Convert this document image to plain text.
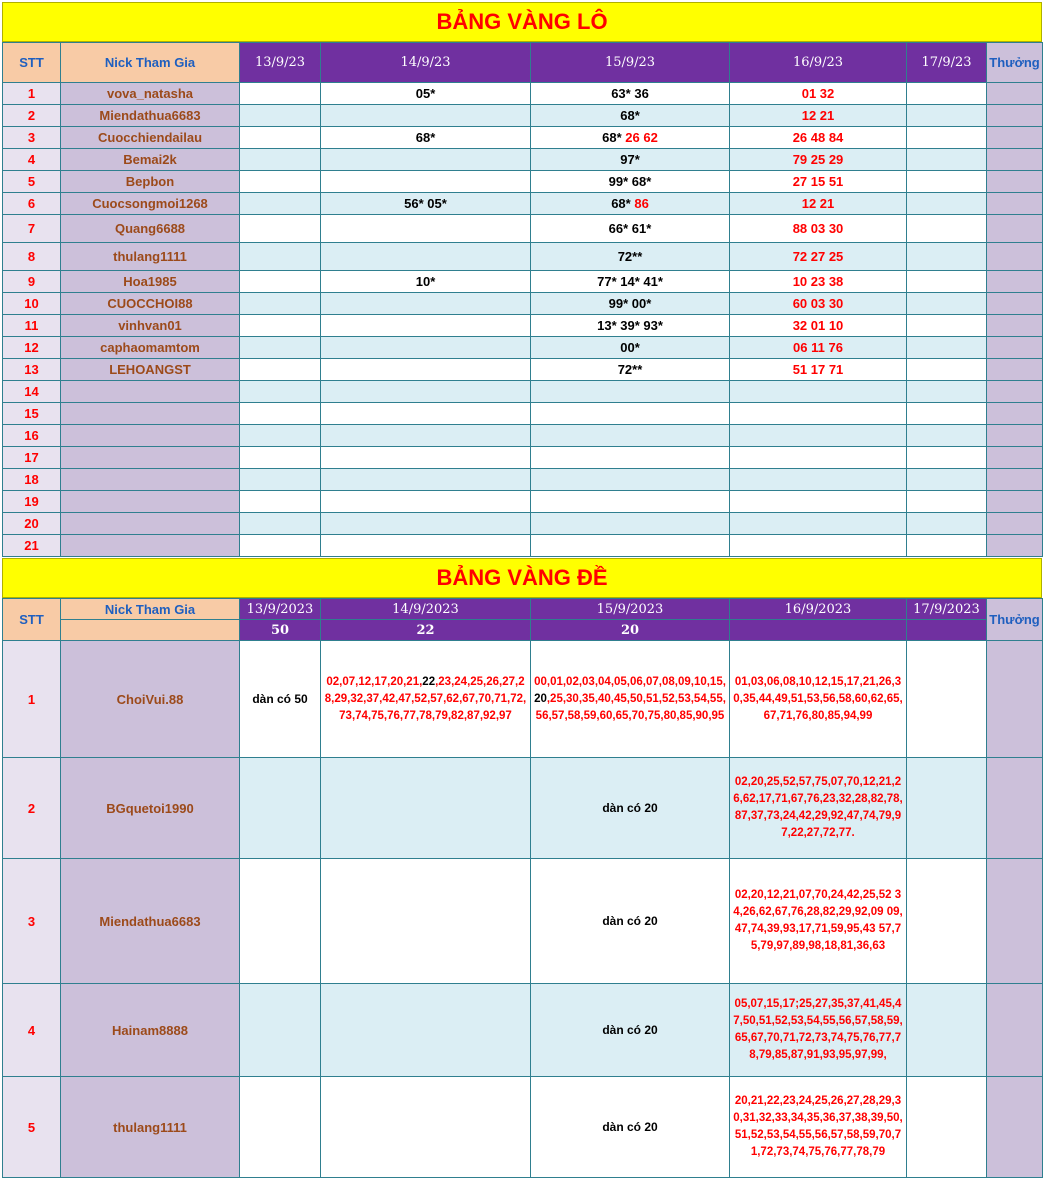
BẢNG VÀNG LÔ
STT	Nick Tham Gia	13/9/23	14/9/23	15/9/23	16/9/23	17/9/23	Thưởng
1	vova_natasha		05*	63* 36	01 32		
2	Miendathua6683			68*	12 21		
3	Cuocchiendailau		68*	68* 26 62	26 48 84		
4	Bemai2k			97*	79 25 29		
5	Bepbon			99* 68*	27 15 51		
6	Cuocsongmoi1268		56* 05*	68* 86	12 21		
7	Quang6688			66* 61*	88 03 30		
8	thulang1111			72**	72 27 25		
9	Hoa1985		10*	77* 14* 41*	10 23 38		
10	CUOCCHOI88			99* 00*	60 03 30		
11	vinhvan01			13* 39* 93*	32 01 10		
12	caphaomamtom			00*	06 11 76		
13	LEHOANGST			72**	51 17 71		
14							
15							
16							
17							
18							
19							
20							
21							
BẢNG VÀNG ĐỀ
STT	Nick Tham Gia	13/9/2023	14/9/2023	15/9/2023	16/9/2023	17/9/2023	Thưởng
		50	22	20			
1	ChoiVui.88	dàn có 50	02,07,12,17,20,21,22,23,24,25,26,27,28,29,32,37,42,47,52,57,62,67,70,71,72,73,74,75,76,77,78,79,82,87,92,97	00,01,02,03,04,05,06,07,08,09,10,15,20,25,30,35,40,45,50,51,52,53,54,55,56,57,58,59,60,65,70,75,80,85,90,95	01,03,06,08,10,12,15,17,21,26,30,35,44,49,51,53,56,58,60,62,65,67,71,76,80,85,94,99		
2	BGquetoi1990			dàn có 20	02,20,25,52,57,75,07,70,12,21,26,62,17,71,67,76,23,32,28,82,78,87,37,73,24,42,29,92,47,74,79,97,22,27,72,77.		
3	Miendathua6683			dàn có 20	02,20,12,21,07,70,24,42,25,52 34,26,62,67,76,28,82,29,92,09 09,47,74,39,93,17,71,59,95,43 57,75,79,97,89,98,18,81,36,63		
4	Hainam8888			dàn có 20	05,07,15,17;25,27,35,37,41,45,47,50,51,52,53,54,55,56,57,58,59,65,67,70,71,72,73,74,75,76,77,78,79,85,87,91,93,95,97,99,		
5	thulang1111			dàn có 20	20,21,22,23,24,25,26,27,28,29,30,31,32,33,34,35,36,37,38,39,50,51,52,53,54,55,56,57,58,59,70,71,72,73,74,75,76,77,78,79		
